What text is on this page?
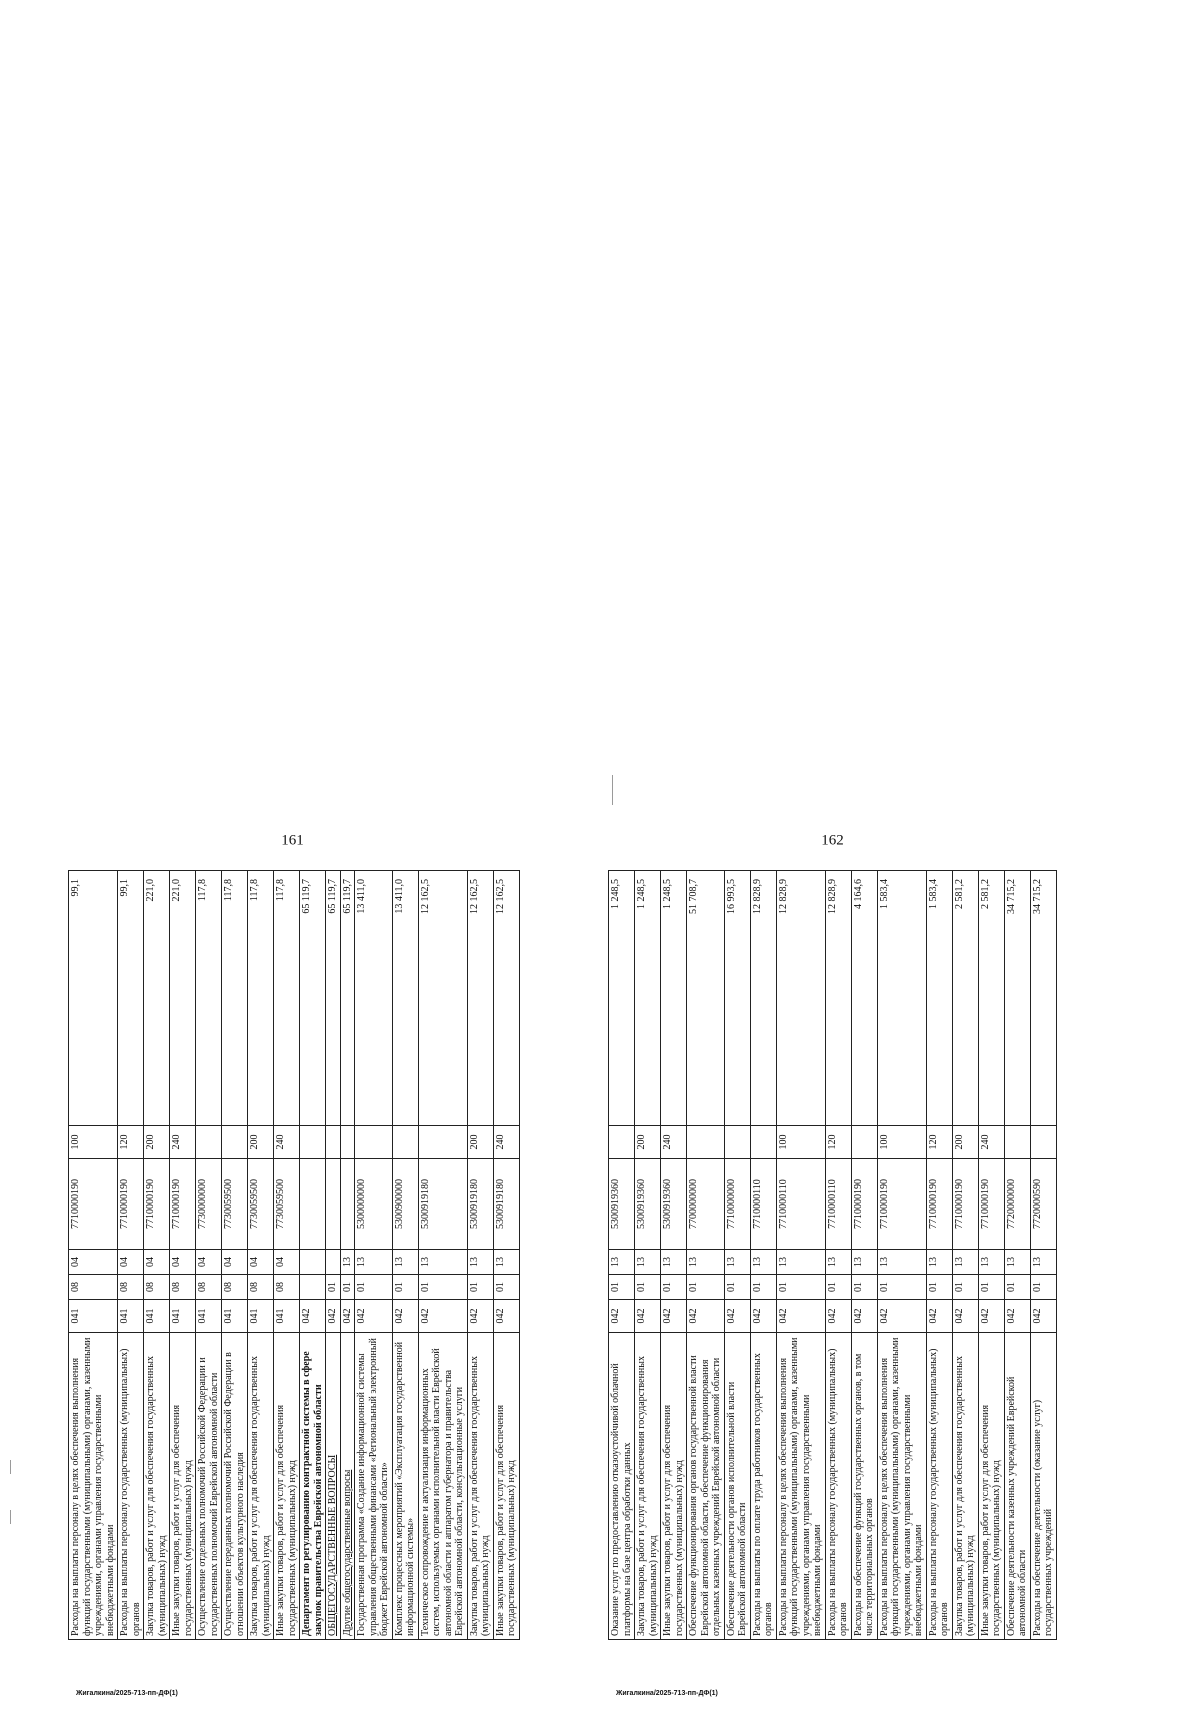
Жигалкина/2025-713-пп-ДФ(1)
Расходы на выплаты персоналу в целях обеспечения выполнения функций государственными (муниципальными) органами, казенными учреждениями, органами управления государственными внебюджетными фондами	041	08	04	7710000190	100	99,1
Расходы на выплаты персоналу государственных (муниципальных) органов	041	08	04	7710000190	120	99,1
Закупка товаров, работ и услуг для обеспечения государственных (муниципальных) нужд	041	08	04	7710000190	200	221,0
Иные закупки товаров, работ и услуг для обеспечения государственных (муниципальных) нужд	041	08	04	7710000190	240	221,0
Осуществление отдельных полномочий Российской Федерации и государственных полномочий Еврейской автономной области	041	08	04	7730000000		117,8
Осуществление переданных полномочий Российской Федерации в отношении объектов культурного наследия	041	08	04	7730059500		117,8
Закупка товаров, работ и услуг для обеспечения государственных (муниципальных) нужд	041	08	04	7730059500	200	117,8
Иные закупки товаров, работ и услуг для обеспечения государственных (муниципальных) нужд	041	08	04	7730059500	240	117,8
Департамент по регулированию контрактной системы в сфере закупок правительства Еврейской автономной области	042					65 119,7
ОБЩЕГОСУДАРСТВЕННЫЕ ВОПРОСЫ	042	01				65 119,7
Другие общегосударственные вопросы	042	01	13			65 119,7
Государственная программа «Создание информационной системы управления общественными финансами «Региональный электронный бюджет Еврейской автономной области»	042	01	13	5300000000		13 411,0
Комплекс процессных мероприятий «Эксплуатация государственной информационной системы»	042	01	13	5300900000		13 411,0
Техническое сопровождение и актуализация информационных систем, используемых органами исполнительной власти Еврейской автономной области и аппаратом губернатора и правительства Еврейской автономной области, консультационные услуги	042	01	13	5300919180		12 162,5
Закупка товаров, работ и услуг для обеспечения государственных (муниципальных) нужд	042	01	13	5300919180	200	12 162,5
Иные закупки товаров, работ и услуг для обеспечения государственных (муниципальных) нужд	042	01	13	5300919180	240	12 162,5
161
Жигалкина/2025-713-пп-ДФ(1)
Оказание услуг по предоставлению отказоустойчивой облачной платформы на базе центра обработки данных	042	01	13	5300919360		1 248,5
Закупка товаров, работ и услуг для обеспечения государственных (муниципальных) нужд	042	01	13	5300919360	200	1 248,5
Иные закупки товаров, работ и услуг для обеспечения государственных (муниципальных) нужд	042	01	13	5300919360	240	1 248,5
Обеспечение функционирования органов государственной власти Еврейской автономной области, обеспечение функционирования отдельных казенных учреждений Еврейской автономной области	042	01	13	7700000000		51 708,7
Обеспечение деятельности органов исполнительной власти Еврейской автономной области	042	01	13	7710000000		16 993,5
Расходы на выплаты по оплате труда работников государственных органов	042	01	13	7710000110		12 828,9
Расходы на выплаты персоналу в целях обеспечения выполнения функций государственными (муниципальными) органами, казенными учреждениями, органами управления государственными внебюджетными фондами	042	01	13	7710000110	100	12 828,9
Расходы на выплаты персоналу государственных (муниципальных) органов	042	01	13	7710000110	120	12 828,9
Расходы на обеспечение функций государственных органов, в том числе территориальных органов	042	01	13	7710000190		4 164,6
Расходы на выплаты персоналу в целях обеспечения выполнения функций государственными (муниципальными) органами, казенными учреждениями, органами управления государственными внебюджетными фондами	042	01	13	7710000190	100	1 583,4
Расходы на выплаты персоналу государственных (муниципальных) органов	042	01	13	7710000190	120	1 583,4
Закупка товаров, работ и услуг для обеспечения государственных (муниципальных) нужд	042	01	13	7710000190	200	2 581,2
Иные закупки товаров, работ и услуг для обеспечения государственных (муниципальных) нужд	042	01	13	7710000190	240	2 581,2
Обеспечение деятельности казенных учреждений Еврейской автономной области	042	01	13	7720000000		34 715,2
Расходы на обеспечение деятельности (оказание услуг) государственных учреждений	042	01	13	7720000590		34 715,2
162
